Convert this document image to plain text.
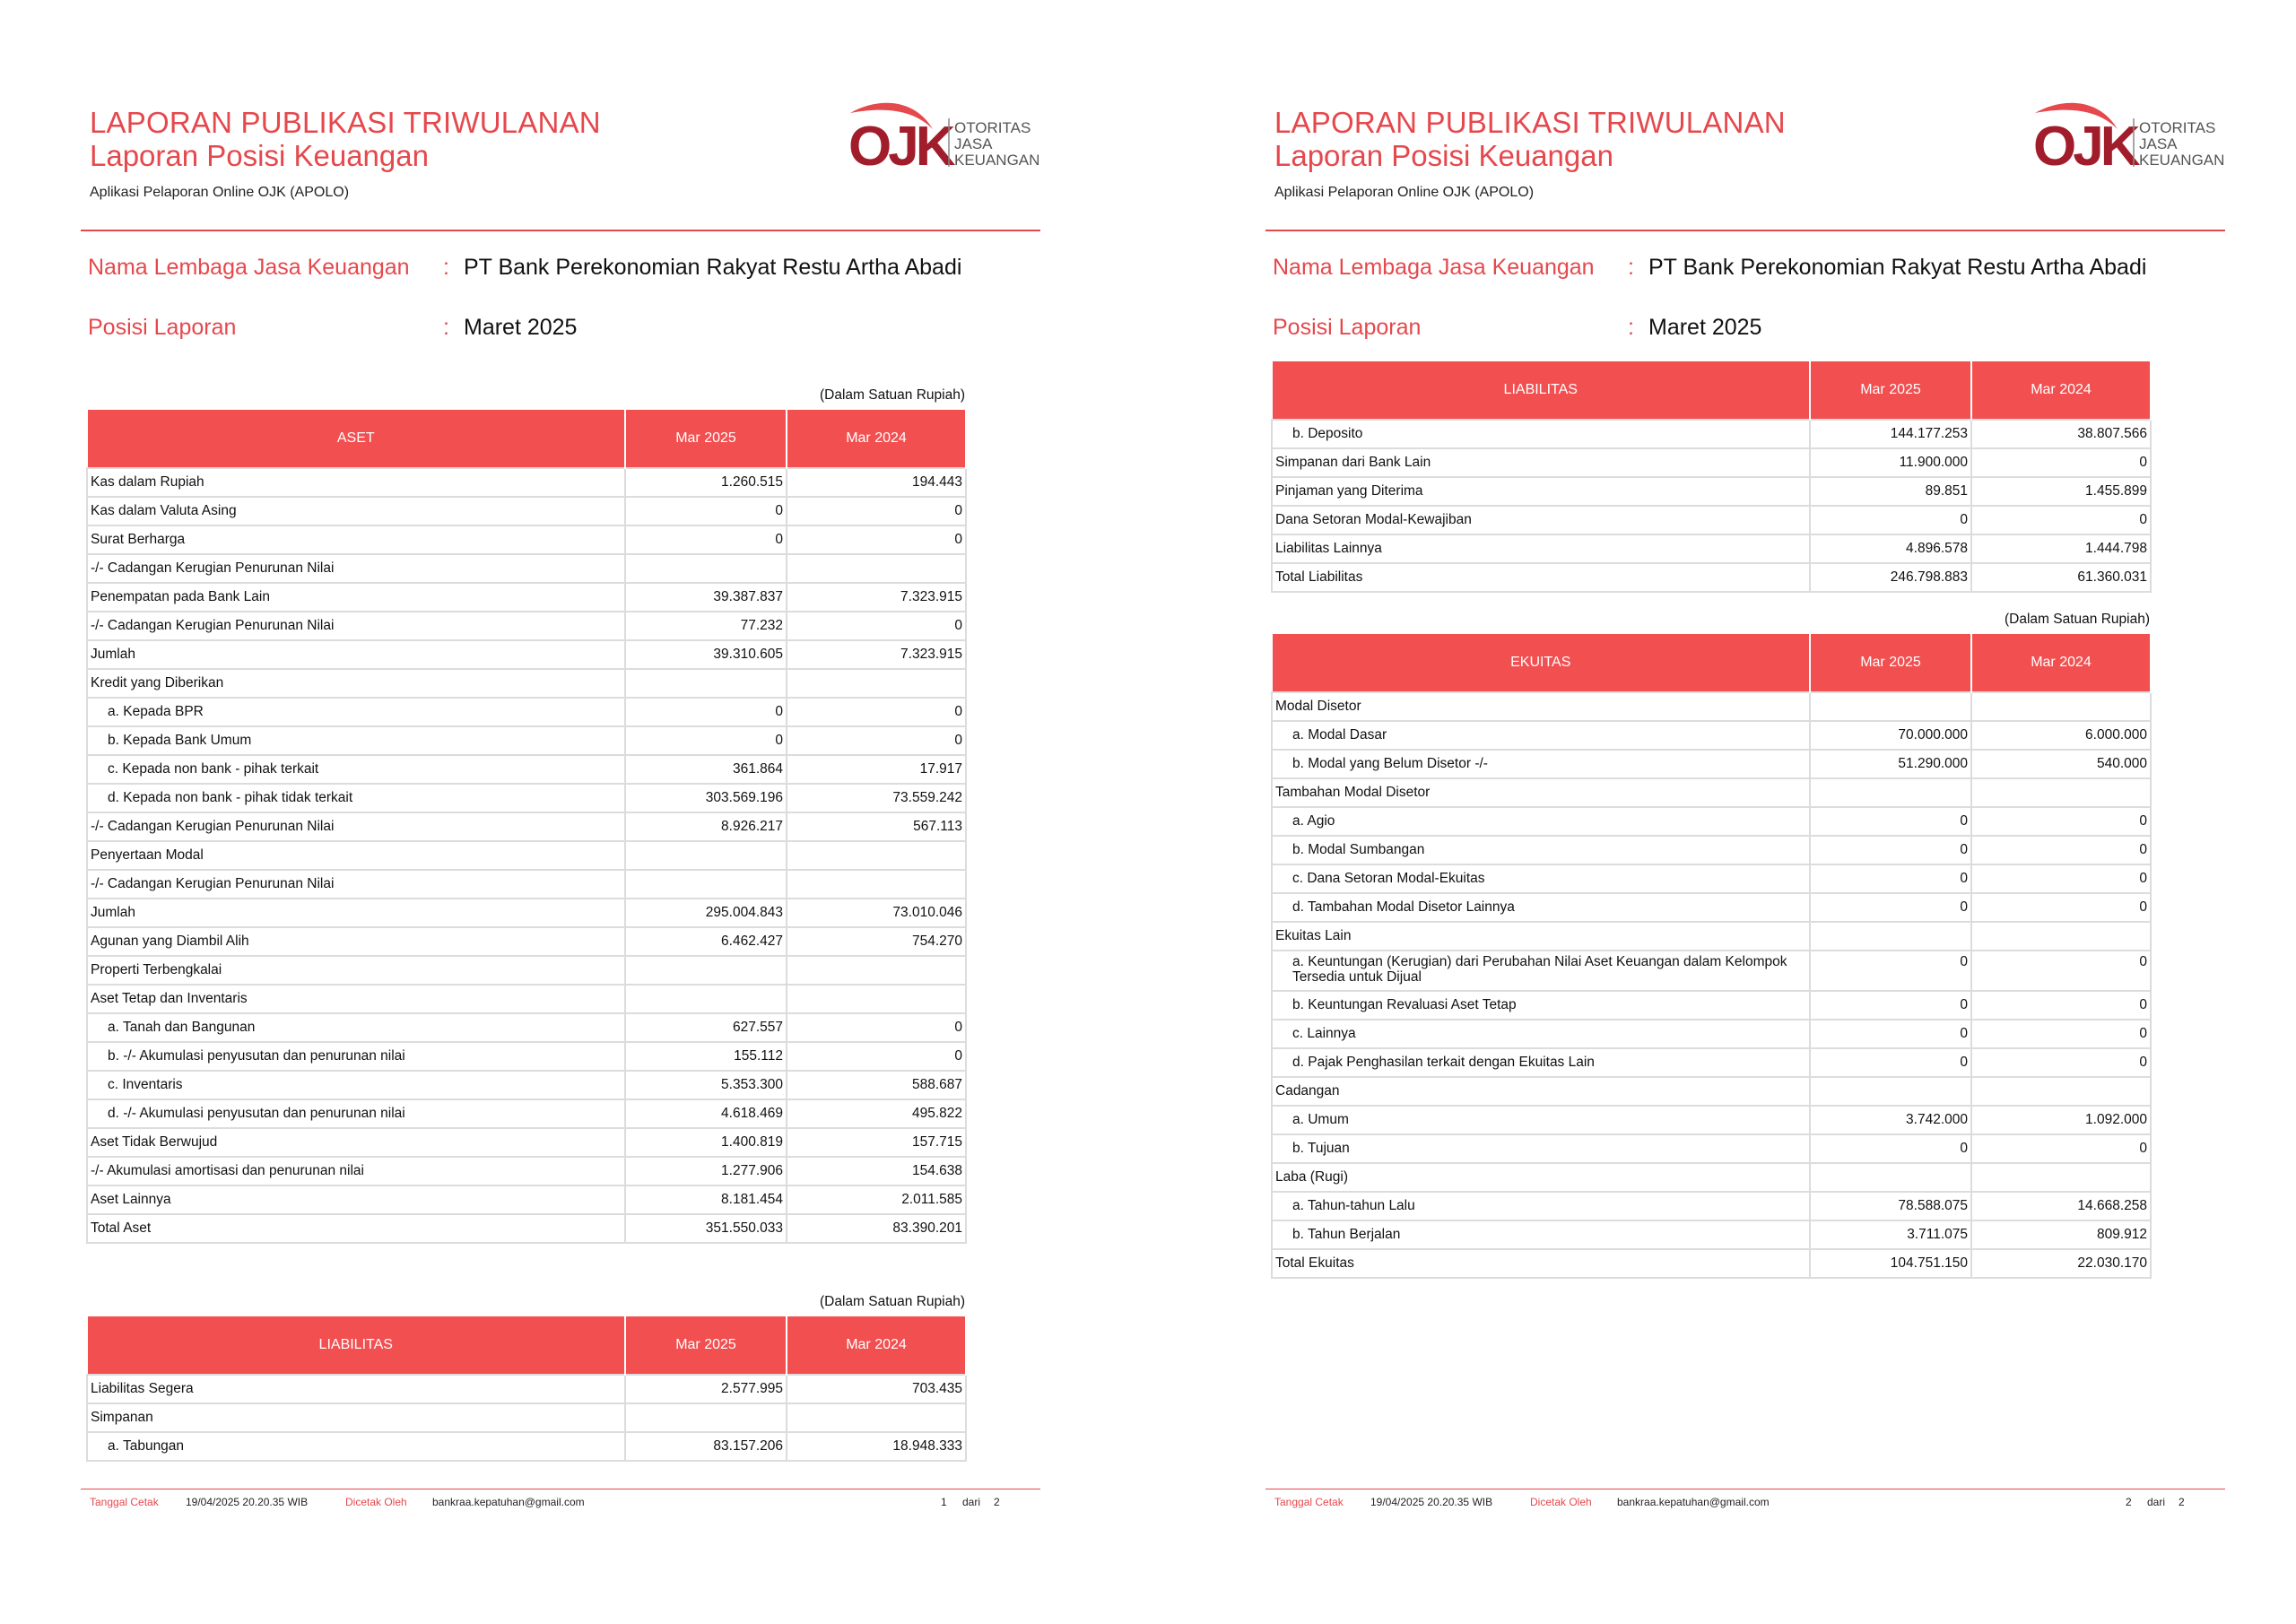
LAPORAN PUBLIKASI TRIWULANAN
Laporan Posisi Keuangan
Aplikasi Pelaporan Online OJK (APOLO)
OJK OTORITAS
JASA
KEUANGAN
Nama Lembaga Jasa Keuangan : PT Bank Perekonomian Rakyat Restu Artha Abadi
Posisi Laporan	: Maret 2025
(Dalam Satuan Rupiah)
ASET	Mar 2025	Mar 2024
Kas dalam Rupiah	1.260.515	194.443
Kas dalam Valuta Asing	0	0
Surat Berharga	0	0
-/- Cadangan Kerugian Penurunan Nilai		
Penempatan pada Bank Lain	39.387.837	7.323.915
-/- Cadangan Kerugian Penurunan Nilai	77.232	0
Jumlah	39.310.605	7.323.915
Kredit yang Diberikan		
a. Kepada BPR	0	0
b. Kepada Bank Umum	0	0
c. Kepada non bank - pihak terkait	361.864	17.917
d. Kepada non bank - pihak tidak terkait	303.569.196	73.559.242
-/- Cadangan Kerugian Penurunan Nilai	8.926.217	567.113
Penyertaan Modal		
-/- Cadangan Kerugian Penurunan Nilai		
Jumlah	295.004.843	73.010.046
Agunan yang Diambil Alih	6.462.427	754.270
Properti Terbengkalai		
Aset Tetap dan Inventaris		
a. Tanah dan Bangunan	627.557	0
b. -/- Akumulasi penyusutan dan penurunan nilai	155.112	0
c. Inventaris	5.353.300	588.687
d. -/- Akumulasi penyusutan dan penurunan nilai	4.618.469	495.822
Aset Tidak Berwujud	1.400.819	157.715
-/- Akumulasi amortisasi dan penurunan nilai	1.277.906	154.638
Aset Lainnya	8.181.454	2.011.585
Total Aset	351.550.033	83.390.201
(Dalam Satuan Rupiah)
LIABILITAS	Mar 2025	Mar 2024
Liabilitas Segera	2.577.995	703.435
Simpanan		
a. Tabungan	83.157.206	18.948.333
Tanggal Cetak	19/04/2025 20.20.35 WIB	Dicetak Oleh bankraa.kepatuhan@gmail.com	1 dari 2
LAPORAN PUBLIKASI TRIWULANAN
Laporan Posisi Keuangan
Aplikasi Pelaporan Online OJK (APOLO)
OJK OTORITAS
JASA
KEUANGAN
Nama Lembaga Jasa Keuangan : PT Bank Perekonomian Rakyat Restu Artha Abadi
Posisi Laporan	: Maret 2025
LIABILITAS	Mar 2025	Mar 2024
b. Deposito	144.177.253	38.807.566
Simpanan dari Bank Lain	11.900.000	0
Pinjaman yang Diterima	89.851	1.455.899
Dana Setoran Modal-Kewajiban	0	0
Liabilitas Lainnya	4.896.578	1.444.798
Total Liabilitas	246.798.883	61.360.031
(Dalam Satuan Rupiah)
EKUITAS	Mar 2025	Mar 2024
Modal Disetor		
a. Modal Dasar	70.000.000	6.000.000
b. Modal yang Belum Disetor -/-	51.290.000	540.000
Tambahan Modal Disetor		
a. Agio	0	0
b. Modal Sumbangan	0	0
c. Dana Setoran Modal-Ekuitas	0	0
d. Tambahan Modal Disetor Lainnya	0	0
Ekuitas Lain		
a. Keuntungan (Kerugian) dari Perubahan Nilai Aset Keuangan dalam Kelompok Tersedia untuk Dijual	0	0
b. Keuntungan Revaluasi Aset Tetap	0	0
c. Lainnya	0	0
d. Pajak Penghasilan terkait dengan Ekuitas Lain	0	0
Cadangan		
a. Umum	3.742.000	1.092.000
b. Tujuan	0	0
Laba (Rugi)		
a. Tahun-tahun Lalu	78.588.075	14.668.258
b. Tahun Berjalan	3.711.075	809.912
Total Ekuitas	104.751.150	22.030.170
Tanggal Cetak	19/04/2025 20.20.35 WIB	Dicetak Oleh bankraa.kepatuhan@gmail.com	2 dari 2
